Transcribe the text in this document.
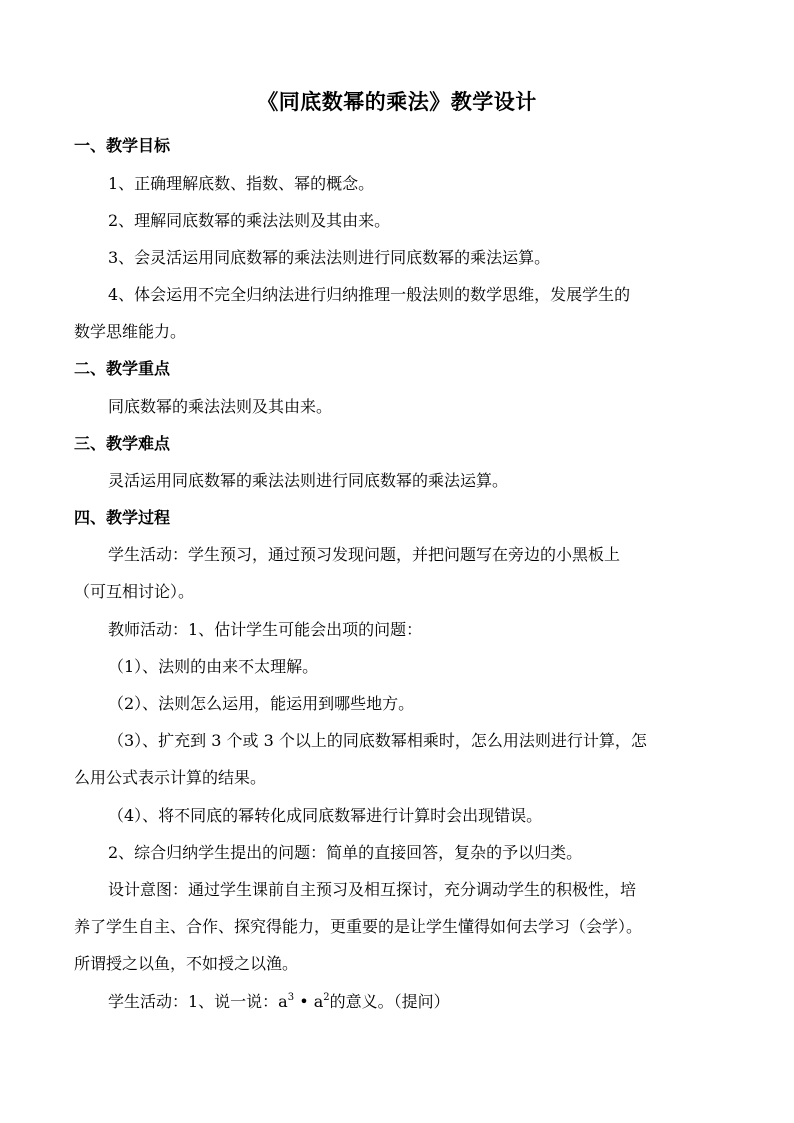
《同底数幂的乘法》教学设计
一、教学目标
1、正确理解底数、指数、幂的概念。
2、理解同底数幂的乘法法则及其由来。
3、会灵活运用同底数幂的乘法法则进行同底数幂的乘法运算。
4、体会运用不完全归纳法进行归纳推理一般法则的数学思维，发展学生的
数学思维能力。
二、教学重点
同底数幂的乘法法则及其由来。
三、教学难点
灵活运用同底数幂的乘法法则进行同底数幂的乘法运算。
四、教学过程
学生活动：学生预习，通过预习发现问题，并把问题写在旁边的小黑板上
（可互相讨论）。
教师活动：1、估计学生可能会出项的问题：
（1）、法则的由来不太理解。
（2）、法则怎么运用，能运用到哪些地方。
（3）、扩充到 3 个或 3 个以上的同底数幂相乘时，怎么用法则进行计算，怎
么用公式表示计算的结果。
（4）、将不同底的幂转化成同底数幂进行计算时会出现错误。
2、综合归纳学生提出的问题：简单的直接回答，复杂的予以归类。
设计意图：通过学生课前自主预习及相互探讨，充分调动学生的积极性，培
养了学生自主、合作、探究得能力，更重要的是让学生懂得如何去学习（会学）。
所谓授之以鱼，不如授之以渔。
学生活动：1、说一说：$a^3$ • $a^2$的意义。（提问）
